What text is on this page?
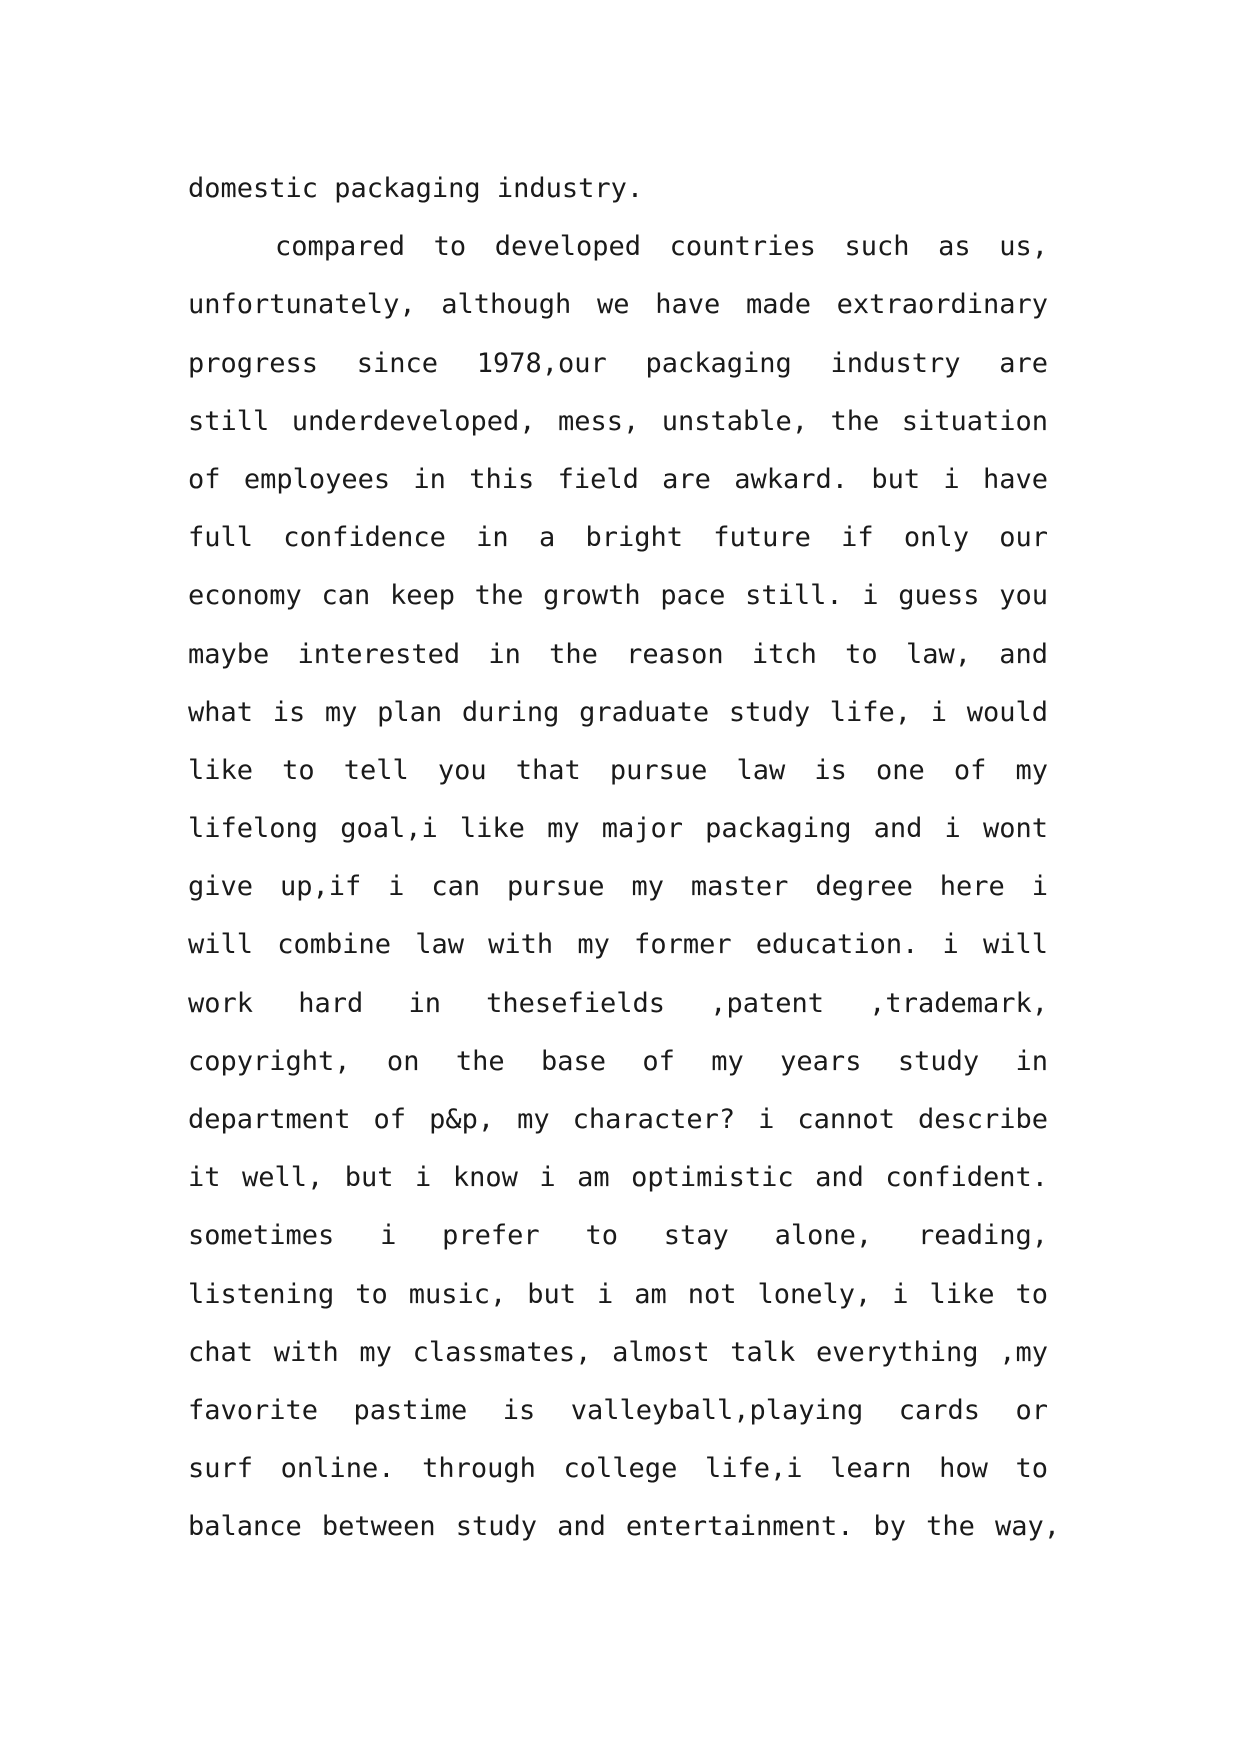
domestic packaging industry.
compared to developed countries such as us,
unfortunately, although we have made extraordinary
progress since 1978,our packaging industry are
still underdeveloped, mess, unstable, the situation
of employees in this field are awkard. but i have
full confidence in a bright future if only our
economy can keep the growth pace still. i guess you
maybe interested in the reason itch to law, and
what is my plan during graduate study life, i would
like to tell you that pursue law is one of my
lifelong goal,i like my major packaging and i wont
give up,if i can pursue my master degree here i
will combine law with my former education. i will
work hard in thesefields ,patent ,trademark,
copyright, on the base of my years study in
department of p&p, my character? i cannot describe
it well, but i know i am optimistic and confident.
sometimes i prefer to stay alone, reading,
listening to music, but i am not lonely, i like to
chat with my classmates, almost talk everything ,my
favorite pastime is valleyball,playing cards or
surf online. through college life,i learn how to
balance between study and entertainment. by the way,
